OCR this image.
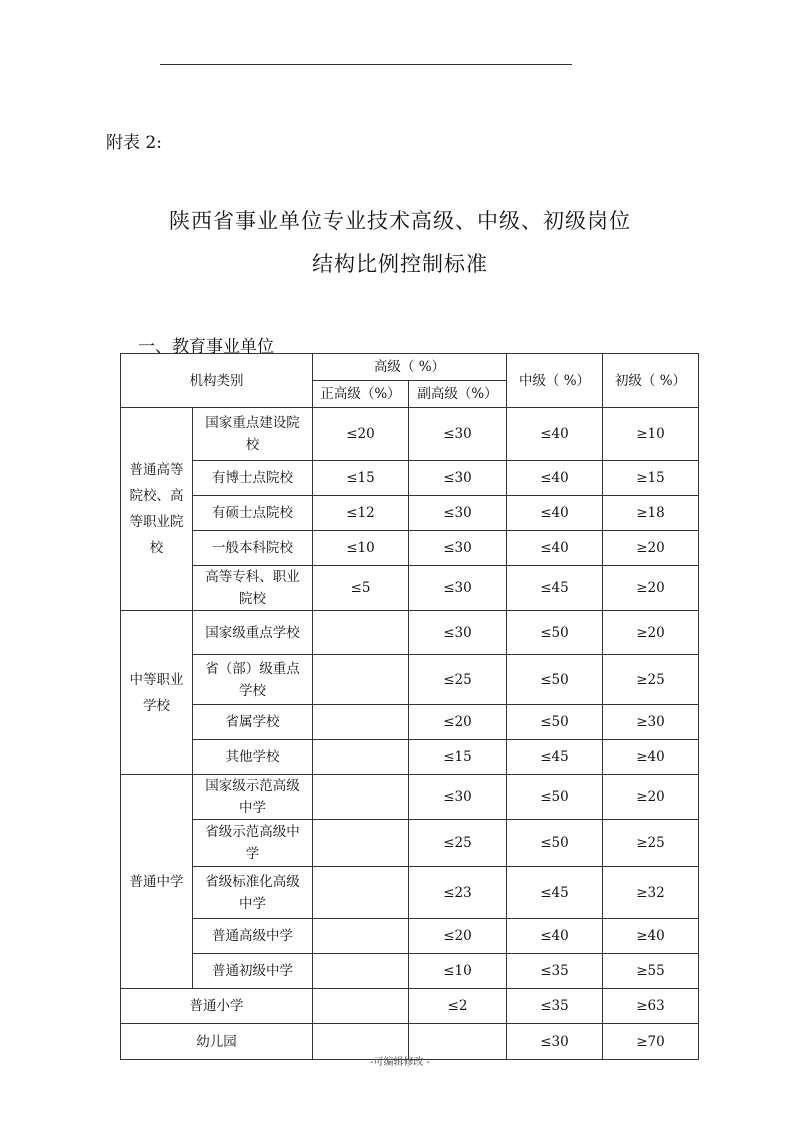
附表 2:
陕西省事业单位专业技术高级、中级、初级岗位
结构比例控制标准
一、教育事业单位
机构类别		高级（ %）		中级（ %）	初级（ %）
		正高级（%）	副高级（%）		
普通高等院校、高等职业院校	国家重点建设院校	≤20	≤30	≤40	≥10
	有博士点院校	≤15	≤30	≤40	≥15
	有硕士点院校	≤12	≤30	≤40	≥18
	一般本科院校	≤10	≤30	≤40	≥20
	高等专科、职业院校	≤5	≤30	≤45	≥20
中等职业学校	国家级重点学校		≤30	≤50	≥20
	省（部）级重点学校		≤25	≤50	≥25
	省属学校		≤20	≤50	≥30
	其他学校		≤15	≤45	≥40
普通中学	国家级示范高级中学		≤30	≤50	≥20
	省级示范高级中学		≤25	≤50	≥25
	省级标准化高级中学		≤23	≤45	≥32
	普通高级中学		≤20	≤40	≥40
	普通初级中学		≤10	≤35	≥55
普通小学			≤2	≤35	≥63
幼儿园				≤30	≥70
-可编辑修改 -
